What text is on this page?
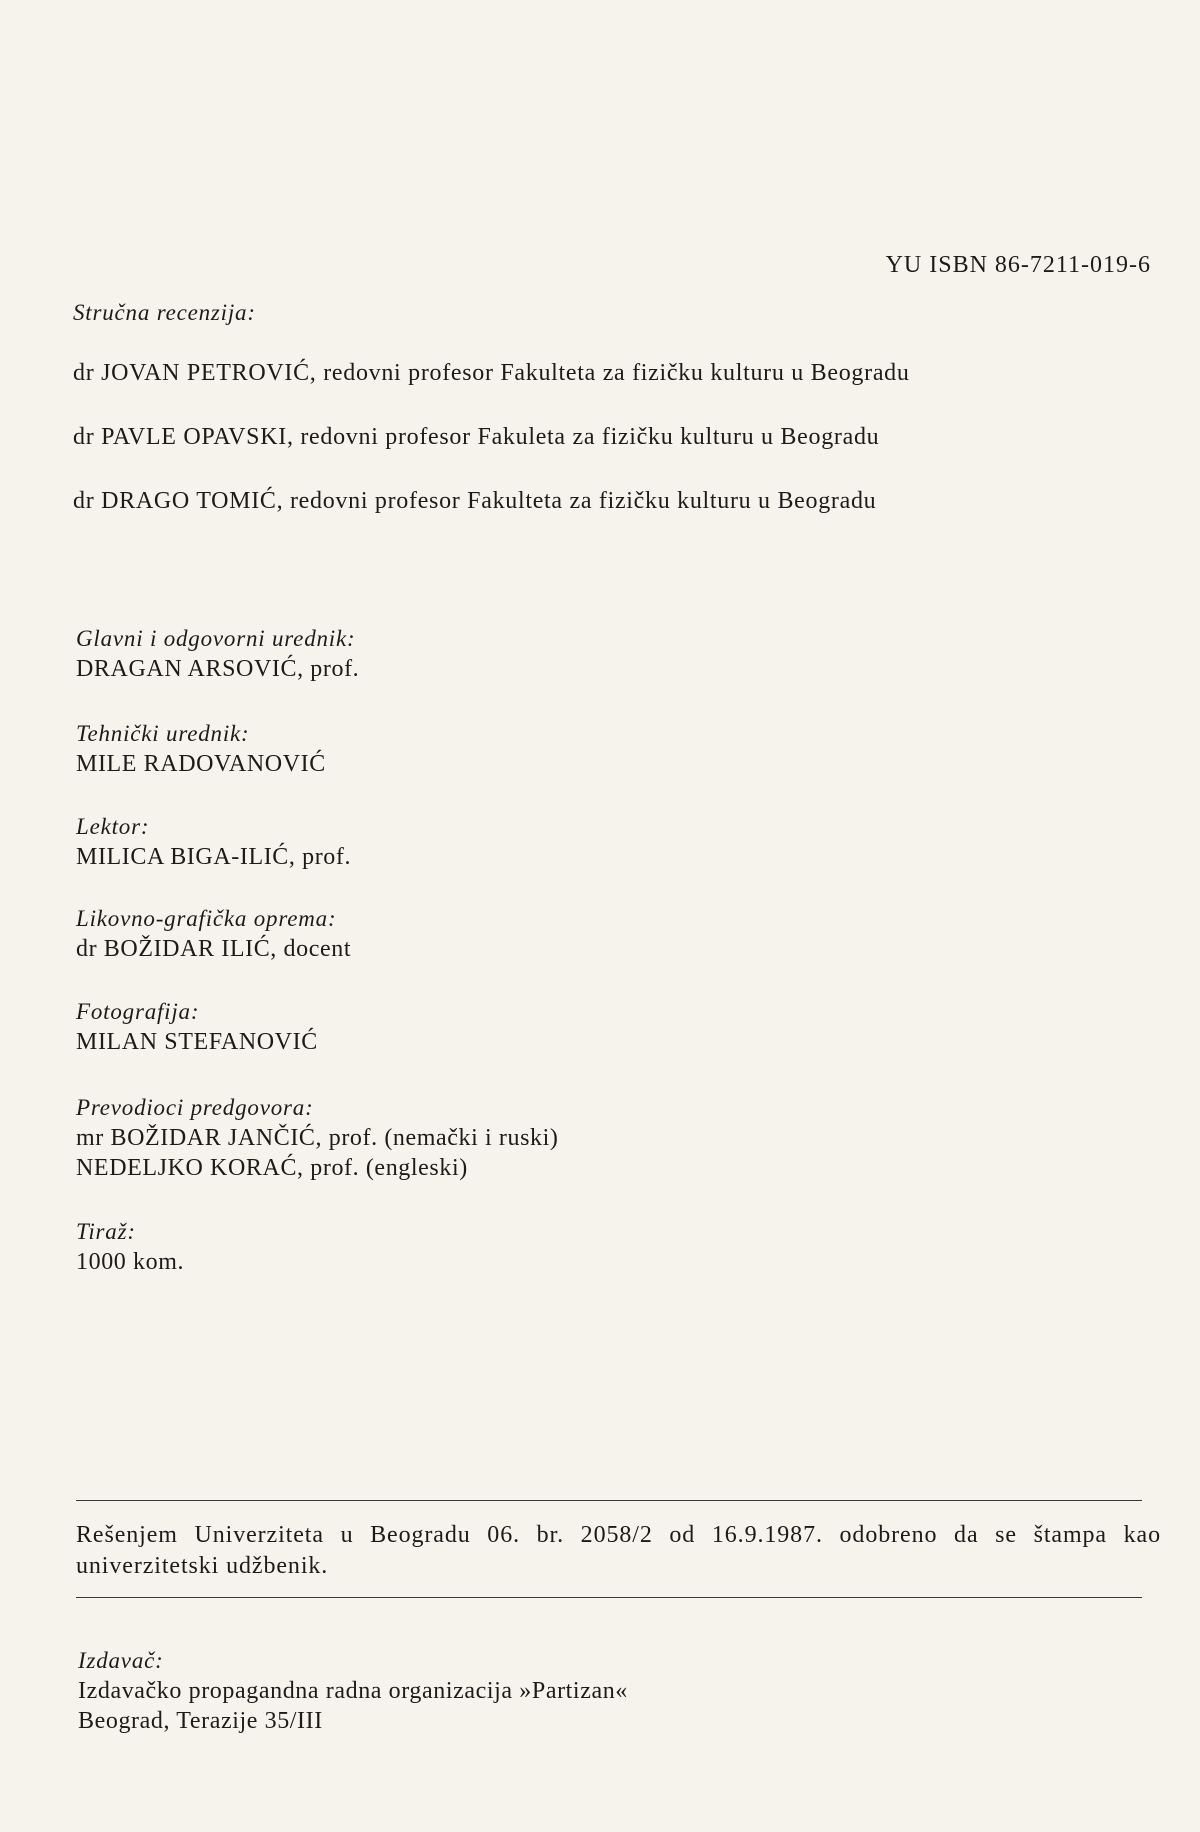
YU ISBN 86-7211-019-6
Stručna recenzija:
dr JOVAN PETROVIĆ, redovni profesor Fakulteta za fizičku kulturu u Beogradu
dr PAVLE OPAVSKI, redovni profesor Fakuleta za fizičku kulturu u Beogradu
dr DRAGO TOMIĆ, redovni profesor Fakulteta za fizičku kulturu u Beogradu
Glavni i odgovorni urednik:
DRAGAN ARSOVIĆ, prof.
Tehnički urednik:
MILE RADOVANOVIĆ
Lektor:
MILICA BIGA-ILIĆ, prof.
Likovno-grafička oprema:
dr BOŽIDAR ILIĆ, docent
Fotografija:
MILAN STEFANOVIĆ
Prevodioci predgovora:
mr BOŽIDAR JANČIĆ, prof. (nemački i ruski)
NEDELJKO KORAĆ, prof. (engleski)
Tiraž:
1000 kom.
Rešenjem Univerziteta u Beogradu 06. br. 2058/2 od 16.9.1987. odobreno da se štampa kao univerzitetski udžbenik.
Izdavač:
Izdavačko propagandna radna organizacija »Partizan«
Beograd, Terazije 35/III
